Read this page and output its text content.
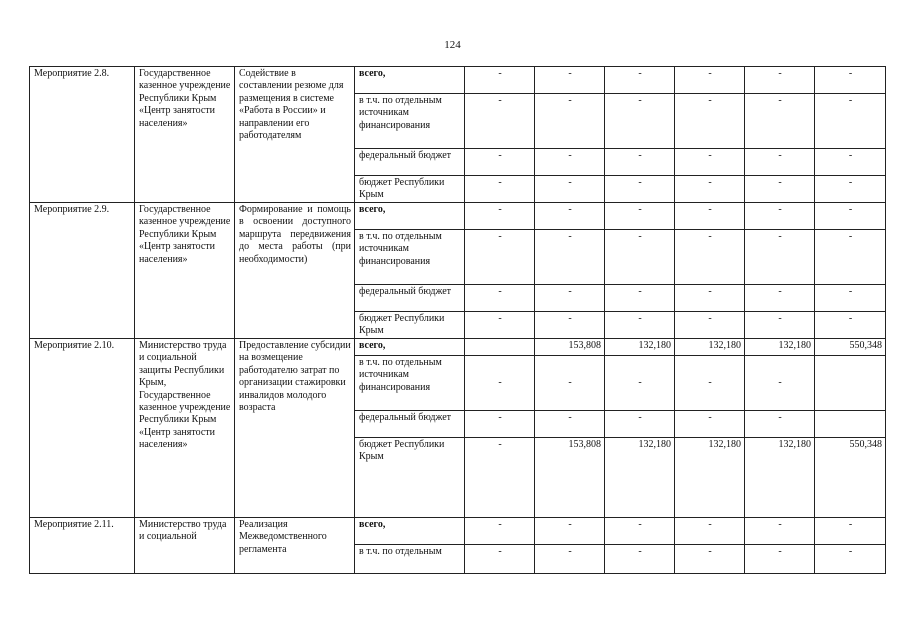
124
Мероприятие 2.8.	Государственное казенное учреждение Республики Крым «Центр занятости населения»	Содействие в составлении резюме для размещения в системе «Работа в России» и направлении его работодателям	всего,	-	-	-	-	-	-
			в т.ч. по отдельным источникам финансирования	-	-	-	-	-	-
			федеральный бюджет	-	-	-	-	-	-
			бюджет Республики Крым	-	-	-	-	-	-
Мероприятие 2.9.	Государственное казенное учреждение Республики Крым «Центр занятости населения»	Формирование и помощь в освоении доступного маршрута передвижения до места работы (при необходимости)	всего,	-	-	-	-	-	-
			в т.ч. по отдельным источникам финансирования	-	-	-	-	-	-
			федеральный бюджет	-	-	-	-	-	-
			бюджет Республики Крым	-	-	-	-	-	-
Мероприятие 2.10.	Министерство труда и социальной защиты Республики Крым, Государственное казенное учреждение Республики Крым «Центр занятости населения»	Предоставление субсидии на возмещение работодателю затрат по организации стажировки инвалидов молодого возраста	всего,		153,808	132,180	132,180	132,180	550,348
			в т.ч. по отдельным источникам финансирования	-	-	-	-	-	
			федеральный бюджет	-	-	-	-	-	
			бюджет Республики Крым	-	153,808	132,180	132,180	132,180	550,348
Мероприятие 2.11.	Министерство труда и социальной	Реализация Межведомственного регламента	всего,	-	-	-	-	-	-
			в т.ч. по отдельным	-	-	-	-	-	-
